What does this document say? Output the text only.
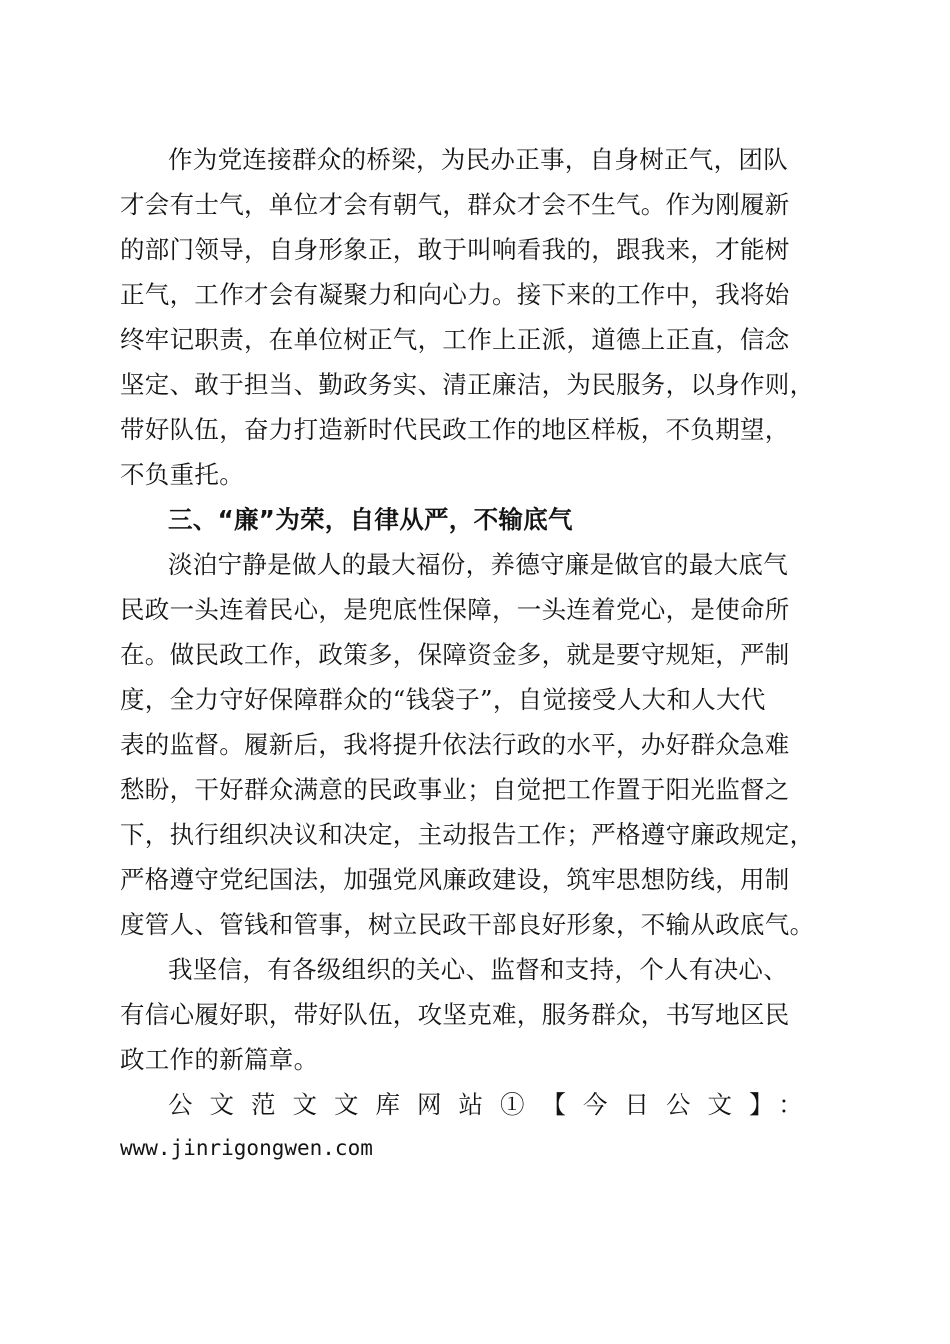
作为党连接群众的桥梁，为民办正事，自身树正气，团队
才会有士气，单位才会有朝气，群众才会不生气。作为刚履新
的部门领导，自身形象正，敢于叫响看我的，跟我来，才能树
正气，工作才会有凝聚力和向心力。接下来的工作中，我将始
终牢记职责，在单位树正气，工作上正派，道德上正直，信念
坚定、敢于担当、勤政务实、清正廉洁，为民服务，以身作则，
带好队伍，奋力打造新时代民政工作的地区样板，不负期望，
不负重托。
三、“廉”为荣，自律从严，不输底气
淡泊宁静是做人的最大福份，养德守廉是做官的最大底气
民政一头连着民心，是兜底性保障，一头连着党心，是使命所
在。做民政工作，政策多，保障资金多，就是要守规矩，严制
度，全力守好保障群众的“钱袋子”，自觉接受人大和人大代
表的监督。履新后，我将提升依法行政的水平，办好群众急难
愁盼，干好群众满意的民政事业；自觉把工作置于阳光监督之
下，执行组织决议和决定，主动报告工作；严格遵守廉政规定，
严格遵守党纪国法，加强党风廉政建设，筑牢思想防线，用制
度管人、管钱和管事，树立民政干部良好形象，不输从政底气。
我坚信，有各级组织的关心、监督和支持，个人有决心、
有信心履好职，带好队伍，攻坚克难，服务群众，书写地区民
政工作的新篇章。
公文范文文库网站①【今日公文】：
www.jinrigongwen.com
